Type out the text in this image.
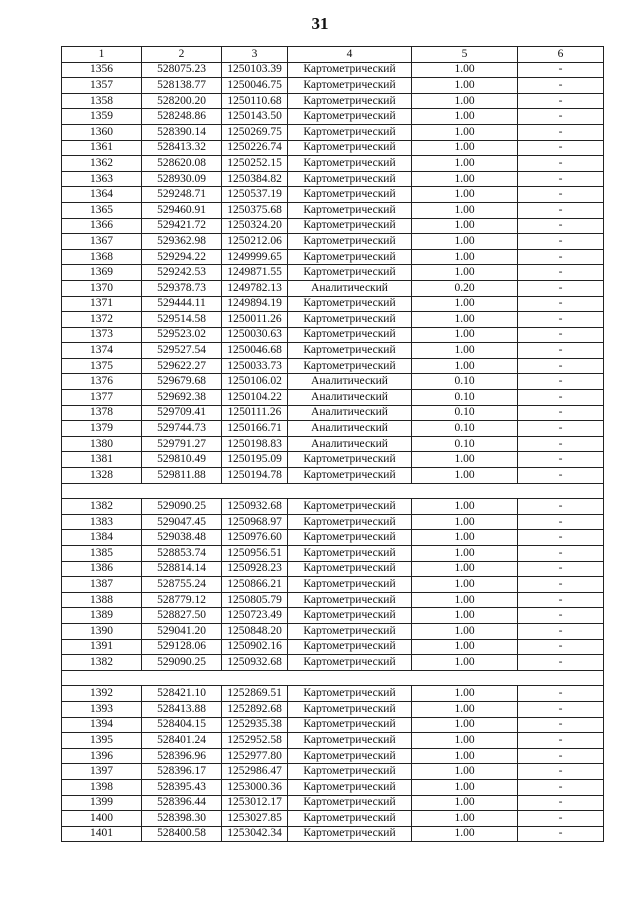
31
1	2	3	4	5	6
1356	528075.23	1250103.39	Картометрический	1.00	-
1357	528138.77	1250046.75	Картометрический	1.00	-
1358	528200.20	1250110.68	Картометрический	1.00	-
1359	528248.86	1250143.50	Картометрический	1.00	-
1360	528390.14	1250269.75	Картометрический	1.00	-
1361	528413.32	1250226.74	Картометрический	1.00	-
1362	528620.08	1250252.15	Картометрический	1.00	-
1363	528930.09	1250384.82	Картометрический	1.00	-
1364	529248.71	1250537.19	Картометрический	1.00	-
1365	529460.91	1250375.68	Картометрический	1.00	-
1366	529421.72	1250324.20	Картометрический	1.00	-
1367	529362.98	1250212.06	Картометрический	1.00	-
1368	529294.22	1249999.65	Картометрический	1.00	-
1369	529242.53	1249871.55	Картометрический	1.00	-
1370	529378.73	1249782.13	Аналитический	0.20	-
1371	529444.11	1249894.19	Картометрический	1.00	-
1372	529514.58	1250011.26	Картометрический	1.00	-
1373	529523.02	1250030.63	Картометрический	1.00	-
1374	529527.54	1250046.68	Картометрический	1.00	-
1375	529622.27	1250033.73	Картометрический	1.00	-
1376	529679.68	1250106.02	Аналитический	0.10	-
1377	529692.38	1250104.22	Аналитический	0.10	-
1378	529709.41	1250111.26	Аналитический	0.10	-
1379	529744.73	1250166.71	Аналитический	0.10	-
1380	529791.27	1250198.83	Аналитический	0.10	-
1381	529810.49	1250195.09	Картометрический	1.00	-
1328	529811.88	1250194.78	Картометрический	1.00	-

1382	529090.25	1250932.68	Картометрический	1.00	-
1383	529047.45	1250968.97	Картометрический	1.00	-
1384	529038.48	1250976.60	Картометрический	1.00	-
1385	528853.74	1250956.51	Картометрический	1.00	-
1386	528814.14	1250928.23	Картометрический	1.00	-
1387	528755.24	1250866.21	Картометрический	1.00	-
1388	528779.12	1250805.79	Картометрический	1.00	-
1389	528827.50	1250723.49	Картометрический	1.00	-
1390	529041.20	1250848.20	Картометрический	1.00	-
1391	529128.06	1250902.16	Картометрический	1.00	-
1382	529090.25	1250932.68	Картометрический	1.00	-

1392	528421.10	1252869.51	Картометрический	1.00	-
1393	528413.88	1252892.68	Картометрический	1.00	-
1394	528404.15	1252935.38	Картометрический	1.00	-
1395	528401.24	1252952.58	Картометрический	1.00	-
1396	528396.96	1252977.80	Картометрический	1.00	-
1397	528396.17	1252986.47	Картометрический	1.00	-
1398	528395.43	1253000.36	Картометрический	1.00	-
1399	528396.44	1253012.17	Картометрический	1.00	-
1400	528398.30	1253027.85	Картометрический	1.00	-
1401	528400.58	1253042.34	Картометрический	1.00	-
